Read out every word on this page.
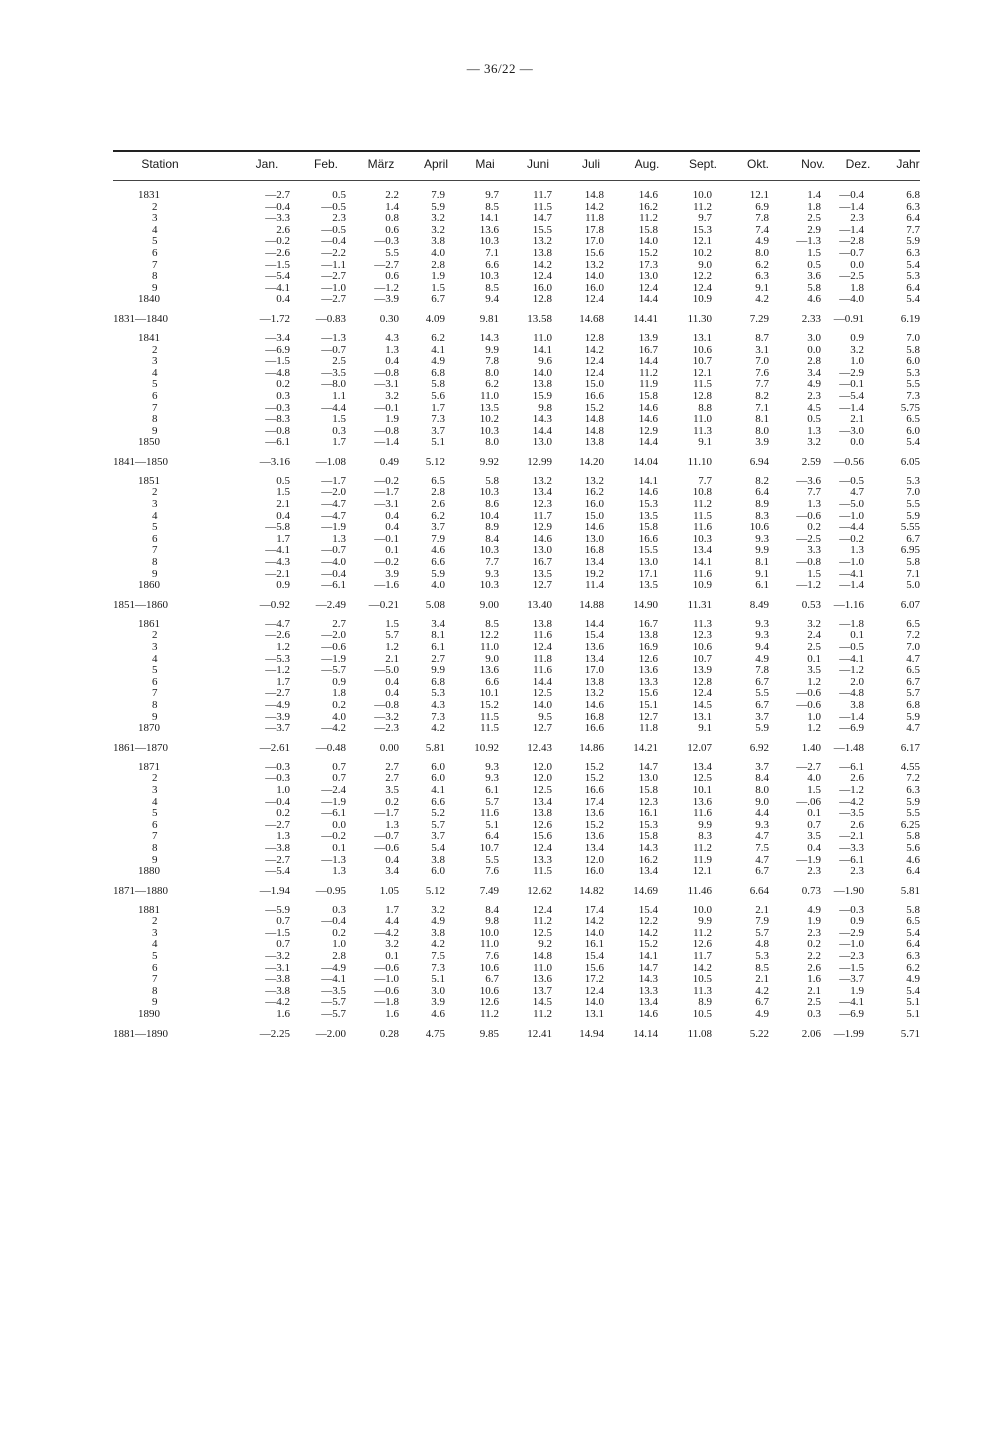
— 36/22 —
Station	Jan.	Feb. März April Mai	Juni	Juli	Aug. Sept. Okt.	Nov. Dez. Jahr
1831	—2.7	0.5	2.2	7.9	9.7	11.7	14.8	14.6	10.0	12.1	1.4	—0.4	6.8
2	—0.4	—0.5	1.4	5.9	8.5	11.5	14.2	16.2	11.2	6.9	1.8	—1.4	6.3
3	—3.3	2.3	0.8	3.2	14.1	14.7	11.8	11.2	9.7	7.8	2.5	2.3	6.4
4	2.6	—0.5	0.6	3.2	13.6	15.5	17.8	15.8	15.3	7.4	2.9	—1.4	7.7
5	—0.2	—0.4	—0.3	3.8	10.3	13.2	17.0	14.0	12.1	4.9	—1.3	—2.8	5.9
6	—2.6	—2.2	5.5	4.0	7.1	13.8	15.6	15.2	10.2	8.0	1.5	—0.7	6.3
7	—1.5	—1.1	—2.7	2.8	6.6	14.2	13.2	17.3	9.0	6.2	0.5	0.0	5.4
8	—5.4	—2.7	0.6	1.9	10.3	12.4	14.0	13.0	12.2	6.3	3.6	—2.5	5.3
9	—4.1	—1.0	—1.2	1.5	8.5	16.0	16.0	12.4	12.4	9.1	5.8	1.8	6.4
1840	0.4	—2.7	—3.9	6.7	9.4	12.8	12.4	14.4	10.9	4.2	4.6	—4.0	5.4
1831—1840	—1.72	—0.83	0.30	4.09	9.81	13.58	14.68	14.41	11.30	7.29	2.33	—0.91	6.19
1841	—3.4	—1.3	4.3	6.2	14.3	11.0	12.8	13.9	13.1	8.7	3.0	0.9	7.0
2	—6.9	—0.7	1.3	4.1	9.9	14.1	14.2	16.7	10.6	3.1	0.0	3.2	5.8
3	—1.5	2.5	0.4	4.9	7.8	9.6	12.4	14.4	10.7	7.0	2.8	1.0	6.0
4	—4.8	—3.5	—0.8	6.8	8.0	14.0	12.4	11.2	12.1	7.6	3.4	—2.9	5.3
5	0.2	—8.0	—3.1	5.8	6.2	13.8	15.0	11.9	11.5	7.7	4.9	—0.1	5.5
6	0.3	1.1	3.2	5.6	11.0	15.9	16.6	15.8	12.8	8.2	2.3	—5.4	7.3
7	—0.3	—4.4	—0.1	1.7	13.5	9.8	15.2	14.6	8.8	7.1	4.5	—1.4	5.75
8	—8.3	1.5	1.9	7.3	10.2	14.3	14.8	14.6	11.0	8.1	0.5	2.1	6.5
9	—0.8	0.3	—0.8	3.7	10.3	14.4	14.8	12.9	11.3	8.0	1.3	—3.0	6.0
1850	—6.1	1.7	—1.4	5.1	8.0	13.0	13.8	14.4	9.1	3.9	3.2	0.0	5.4
1841—1850	—3.16	—1.08	0.49	5.12	9.92	12.99	14.20	14.04	11.10	6.94	2.59	—0.56	6.05
1851	0.5	—1.7	—0.2	6.5	5.8	13.2	13.2	14.1	7.7	8.2	—3.6	—0.5	5.3
2	1.5	—2.0	—1.7	2.8	10.3	13.4	16.2	14.6	10.8	6.4	7.7	4.7	7.0
3	2.1	—4.7	—3.1	2.6	8.6	12.3	16.0	15.3	11.2	8.9	1.3	—5.0	5.5
4	0.4	—4.7	0.4	6.2	10.4	11.7	15.0	13.5	11.5	8.3	—0.6	—1.0	5.9
5	—5.8	—1.9	0.4	3.7	8.9	12.9	14.6	15.8	11.6	10.6	0.2	—4.4	5.55
6	1.7	1.3	—0.1	7.9	8.4	14.6	13.0	16.6	10.3	9.3	—2.5	—0.2	6.7
7	—4.1	—0.7	0.1	4.6	10.3	13.0	16.8	15.5	13.4	9.9	3.3	1.3	6.95
8	—4.3	—4.0	—0.2	6.6	7.7	16.7	13.4	13.0	14.1	8.1	—0.8	—1.0	5.8
9	—2.1	—0.4	3.9	5.9	9.3	13.5	19.2	17.1	11.6	9.1	1.5	—4.1	7.1
1860	0.9	—6.1	—1.6	4.0	10.3	12.7	11.4	13.5	10.9	6.1	—1.2	—1.4	5.0
1851—1860	—0.92	—2.49	—0.21	5.08	9.00	13.40	14.88	14.90	11.31	8.49	0.53	—1.16	6.07
1861	—4.7	2.7	1.5	3.4	8.5	13.8	14.4	16.7	11.3	9.3	3.2	—1.8	6.5
2	—2.6	—2.0	5.7	8.1	12.2	11.6	15.4	13.8	12.3	9.3	2.4	0.1	7.2
3	1.2	—0.6	1.2	6.1	11.0	12.4	13.6	16.9	10.6	9.4	2.5	—0.5	7.0
4	—5.3	—1.9	2.1	2.7	9.0	11.8	13.4	12.6	10.7	4.9	0.1	—4.1	4.7
5	—1.2	—5.7	—5.0	9.9	13.6	11.6	17.0	13.6	13.9	7.8	3.5	—1.2	6.5
6	1.7	0.9	0.4	6.8	6.6	14.4	13.8	13.3	12.8	6.7	1.2	2.0	6.7
7	—2.7	1.8	0.4	5.3	10.1	12.5	13.2	15.6	12.4	5.5	—0.6	—4.8	5.7
8	—4.9	0.2	—0.8	4.3	15.2	14.0	14.6	15.1	14.5	6.7	—0.6	3.8	6.8
9	—3.9	4.0	—3.2	7.3	11.5	9.5	16.8	12.7	13.1	3.7	1.0	—1.4	5.9
1870	—3.7	—4.2	—2.3	4.2	11.5	12.7	16.6	11.8	9.1	5.9	1.2	—6.9	4.7
1861—1870	—2.61	—0.48	0.00	5.81	10.92	12.43	14.86	14.21	12.07	6.92	1.40	—1.48	6.17
1871	—0.3	0.7	2.7	6.0	9.3	12.0	15.2	14.7	13.4	3.7	—2.7	—6.1	4.55
2	—0.3	0.7	2.7	6.0	9.3	12.0	15.2	13.0	12.5	8.4	4.0	2.6	7.2
3	1.0	—2.4	3.5	4.1	6.1	12.5	16.6	15.8	10.1	8.0	1.5	—1.2	6.3
4	—0.4	—1.9	0.2	6.6	5.7	13.4	17.4	12.3	13.6	9.0	—.06	—4.2	5.9
5	0.2	—6.1	—1.7	5.2	11.6	13.8	13.6	16.1	11.6	4.4	0.1	—3.5	5.5
6	—2.7	0.0	1.3	5.7	5.1	12.6	15.2	15.3	9.9	9.3	0.7	2.6	6.25
7	1.3	—0.2	—0.7	3.7	6.4	15.6	13.6	15.8	8.3	4.7	3.5	—2.1	5.8
8	—3.8	0.1	—0.6	5.4	10.7	12.4	13.4	14.3	11.2	7.5	0.4	—3.3	5.6
9	—2.7	—1.3	0.4	3.8	5.5	13.3	12.0	16.2	11.9	4.7	—1.9	—6.1	4.6
1880	—5.4	1.3	3.4	6.0	7.6	11.5	16.0	13.4	12.1	6.7	2.3	2.3	6.4
1871—1880	—1.94	—0.95	1.05	5.12	7.49	12.62	14.82	14.69	11.46	6.64	0.73	—1.90	5.81
1881	—5.9	0.3	1.7	3.2	8.4	12.4	17.4	15.4	10.0	2.1	4.9	—0.3	5.8
2	0.7	—0.4	4.4	4.9	9.8	11.2	14.2	12.2	9.9	7.9	1.9	0.9	6.5
3	—1.5	0.2	—4.2	3.8	10.0	12.5	14.0	14.2	11.2	5.7	2.3	—2.9	5.4
4	0.7	1.0	3.2	4.2	11.0	9.2	16.1	15.2	12.6	4.8	0.2	—1.0	6.4
5	—3.2	2.8	0.1	7.5	7.6	14.8	15.4	14.1	11.7	5.3	2.2	—2.3	6.3
6	—3.1	—4.9	—0.6	7.3	10.6	11.0	15.6	14.7	14.2	8.5	2.6	—1.5	6.2
7	—3.8	—4.1	—1.0	5.1	6.7	13.6	17.2	14.3	10.5	2.1	1.6	—3.7	4.9
8	—3.8	—3.5	—0.6	3.0	10.6	13.7	12.4	13.3	11.3	4.2	2.1	1.9	5.4
9	—4.2	—5.7	—1.8	3.9	12.6	14.5	14.0	13.4	8.9	6.7	2.5	—4.1	5.1
1890	1.6	—5.7	1.6	4.6	11.2	11.2	13.1	14.6	10.5	4.9	0.3	—6.9	5.1
1881—1890	—2.25	—2.00	0.28	4.75	9.85	12.41	14.94	14.14	11.08	5.22	2.06	—1.99	5.71
